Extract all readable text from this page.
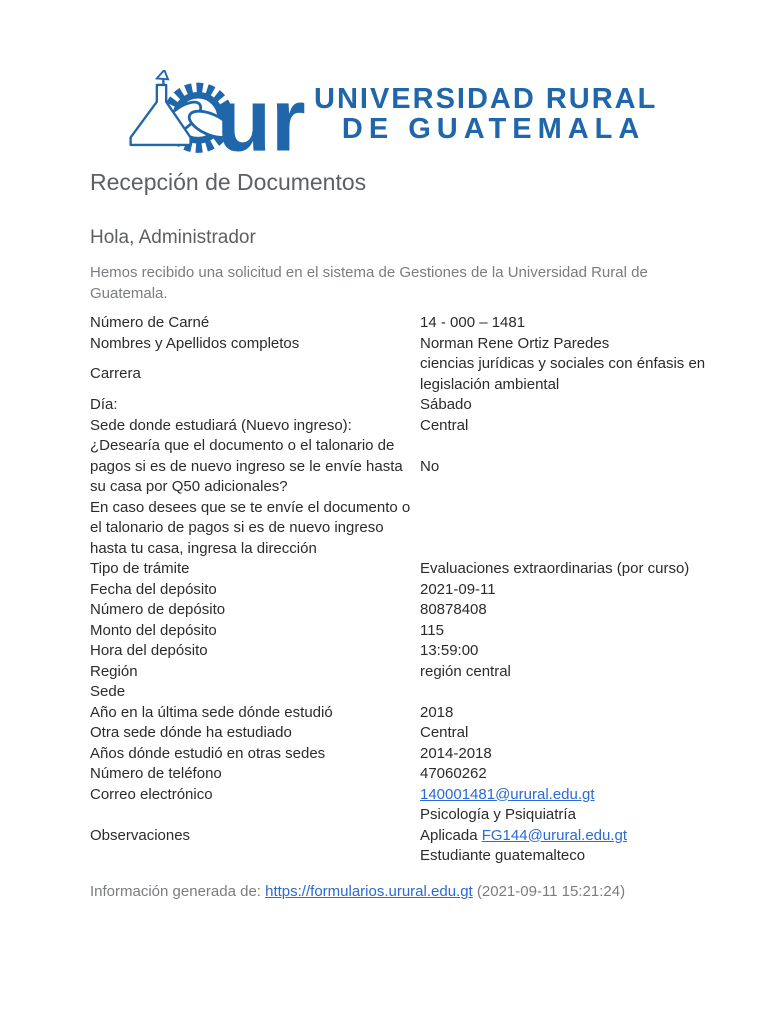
ur UNIVERSIDAD RURAL
DE GUATEMALA
Recepción de Documentos
Hola, Administrador
Hemos recibido una solicitud en el sistema de Gestiones de la Universidad Rural de Guatemala.
Número de Carné	14 - 000 – 1481
Nombres y Apellidos completos	Norman Rene Ortiz Paredes
Carrera	ciencias jurídicas y sociales con énfasis en legislación ambiental
Día:	Sábado
Sede donde estudiará (Nuevo ingreso):	Central
¿Desearía que el documento o el talonario de pagos si es de nuevo ingreso se le envíe hasta su casa por Q50 adicionales?	No
En caso desees que se te envíe el documento o el talonario de pagos si es de nuevo ingreso hasta tu casa, ingresa la dirección	
Tipo de trámite	Evaluaciones extraordinarias (por curso)
Fecha del depósito	2021-09-11
Número de depósito	80878408
Monto del depósito	115
Hora del depósito	13:59:00
Región	región central
Sede	
Año en la última sede dónde estudió	2018
Otra sede dónde ha estudiado	Central
Años dónde estudió en otras sedes	2014-2018
Número de teléfono	47060262
Correo electrónico	140001481@urural.edu.gt
Observaciones	Psicología y Psiquiatría
Aplicada FG144@urural.edu.gt
Estudiante guatemalteco
Información generada de: https://formularios.urural.edu.gt (2021-09-11 15:21:24)
